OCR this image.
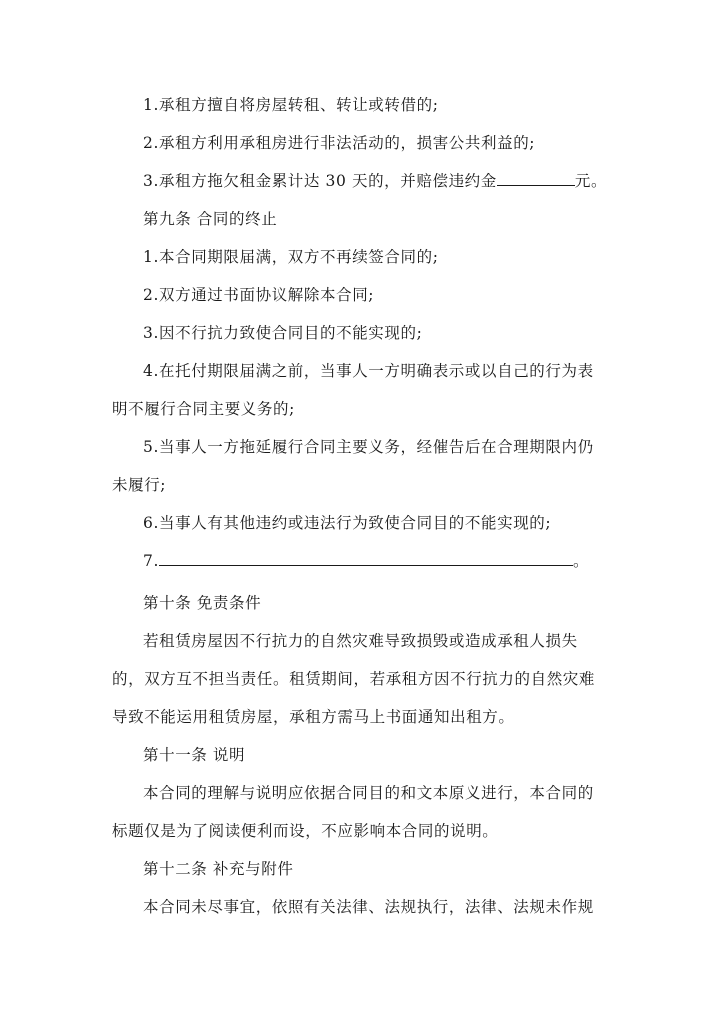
1.承租方擅自将房屋转租、转让或转借的;
2.承租方利用承租房进行非法活动的，损害公共利益的;
3.承租方拖欠租金累计达 30 天的，并赔偿违约金	元。
第九条 合同的终止
1.本合同期限届满，双方不再续签合同的;
2.双方通过书面协议解除本合同;
3.因不行抗力致使合同目的不能实现的;
4.在托付期限届满之前，当事人一方明确表示或以自己的行为表
明不履行合同主要义务的;
5.当事人一方拖延履行合同主要义务，经催告后在合理期限内仍
未履行;
6.当事人有其他违约或违法行为致使合同目的不能实现的;
7.	。
第十条 免责条件
若租赁房屋因不行抗力的自然灾难导致损毁或造成承租人损失
的，双方互不担当责任。租赁期间，若承租方因不行抗力的自然灾难
导致不能运用租赁房屋，承租方需马上书面通知出租方。
第十一条 说明
本合同的理解与说明应依据合同目的和文本原义进行，本合同的
标题仅是为了阅读便利而设，不应影响本合同的说明。
第十二条 补充与附件
本合同未尽事宜，依照有关法律、法规执行，法律、法规未作规
